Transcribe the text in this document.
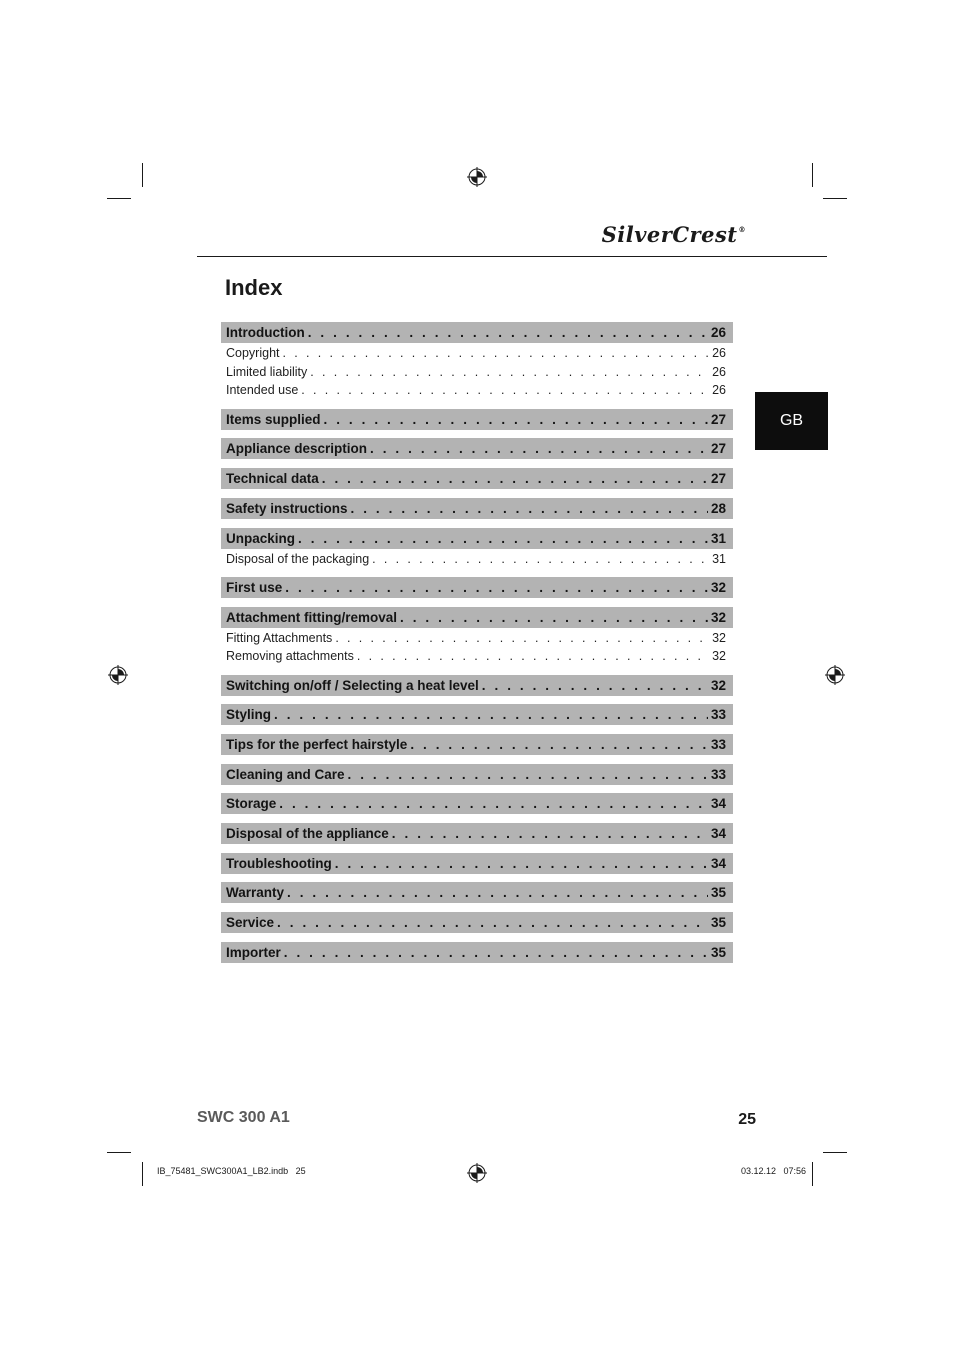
SilverCrest®
Index
GB
Introduction . . .	26
Copyright . . .	26
Limited liability . . .	26
Intended use . . .	26
Items supplied . . .	27
Appliance description . . .	27
Technical data . . .	27
Safety instructions . . .	28
Unpacking . . .	31
Disposal of the packaging . . .	31
First use . . .	32
Attachment fitting/removal . . .	32
Fitting Attachments . . .	32
Removing attachments . . .	32
Switching on/off / Selecting a heat level . . .	32
Styling . . .	33
Tips for the perfect hairstyle . . .	33
Cleaning and Care . . .	33
Storage . . .	34
Disposal of the appliance . . .	34
Troubleshooting . . .	34
Warranty . . .	35
Service . . .	35
Importer . . .	35
SWC 300 A1	25
IB_75481_SWC300A1_LB2.indb   25	03.12.12   07:56
